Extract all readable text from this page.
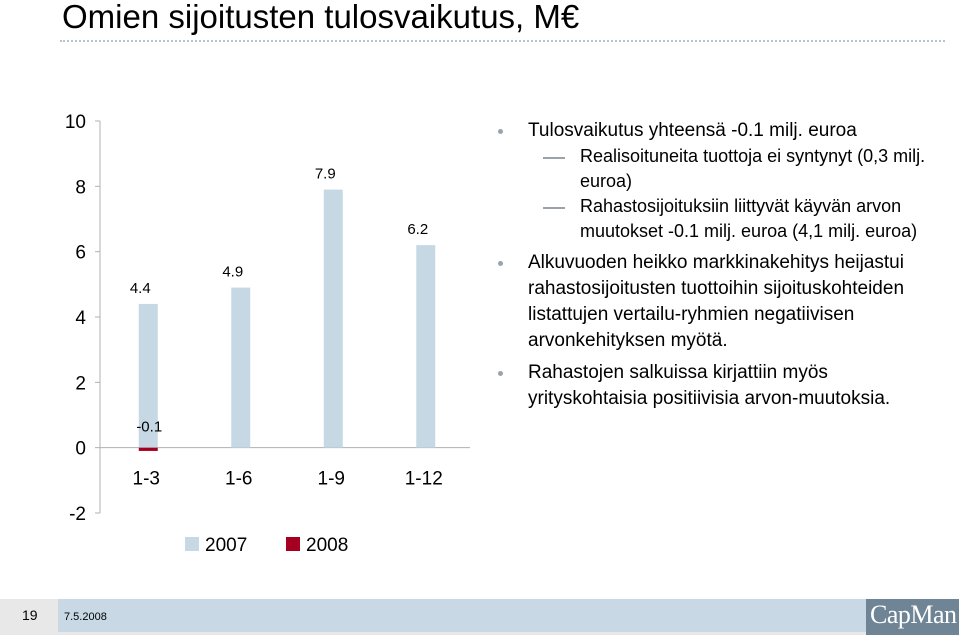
Omien sijoitusten tulosvaikutus, M€
10
8
6
4
2
0
-2
1-3
4.4
-0.1
1-6
4.9
1-9
7.9
1-12
6.2
2007	2008
Tulosvaikutus yhteensä -0.1 milj. euroa
Realisoituneita tuottoja ei syntynyt (0,3 milj. euroa)
Rahastosijoituksiin liittyvät käyvän arvon muutokset -0.1 milj. euroa (4,1 milj. euroa)
Alkuvuoden heikko markkinakehitys heijastui rahastosijoitusten tuottoihin sijoituskohteiden listattujen vertailu-ryhmien negatiivisen arvonkehityksen myötä.
Rahastojen salkuissa kirjattiin myös yrityskohtaisia positiivisia arvon-muutoksia.
19 7.5.2008	CapMan
